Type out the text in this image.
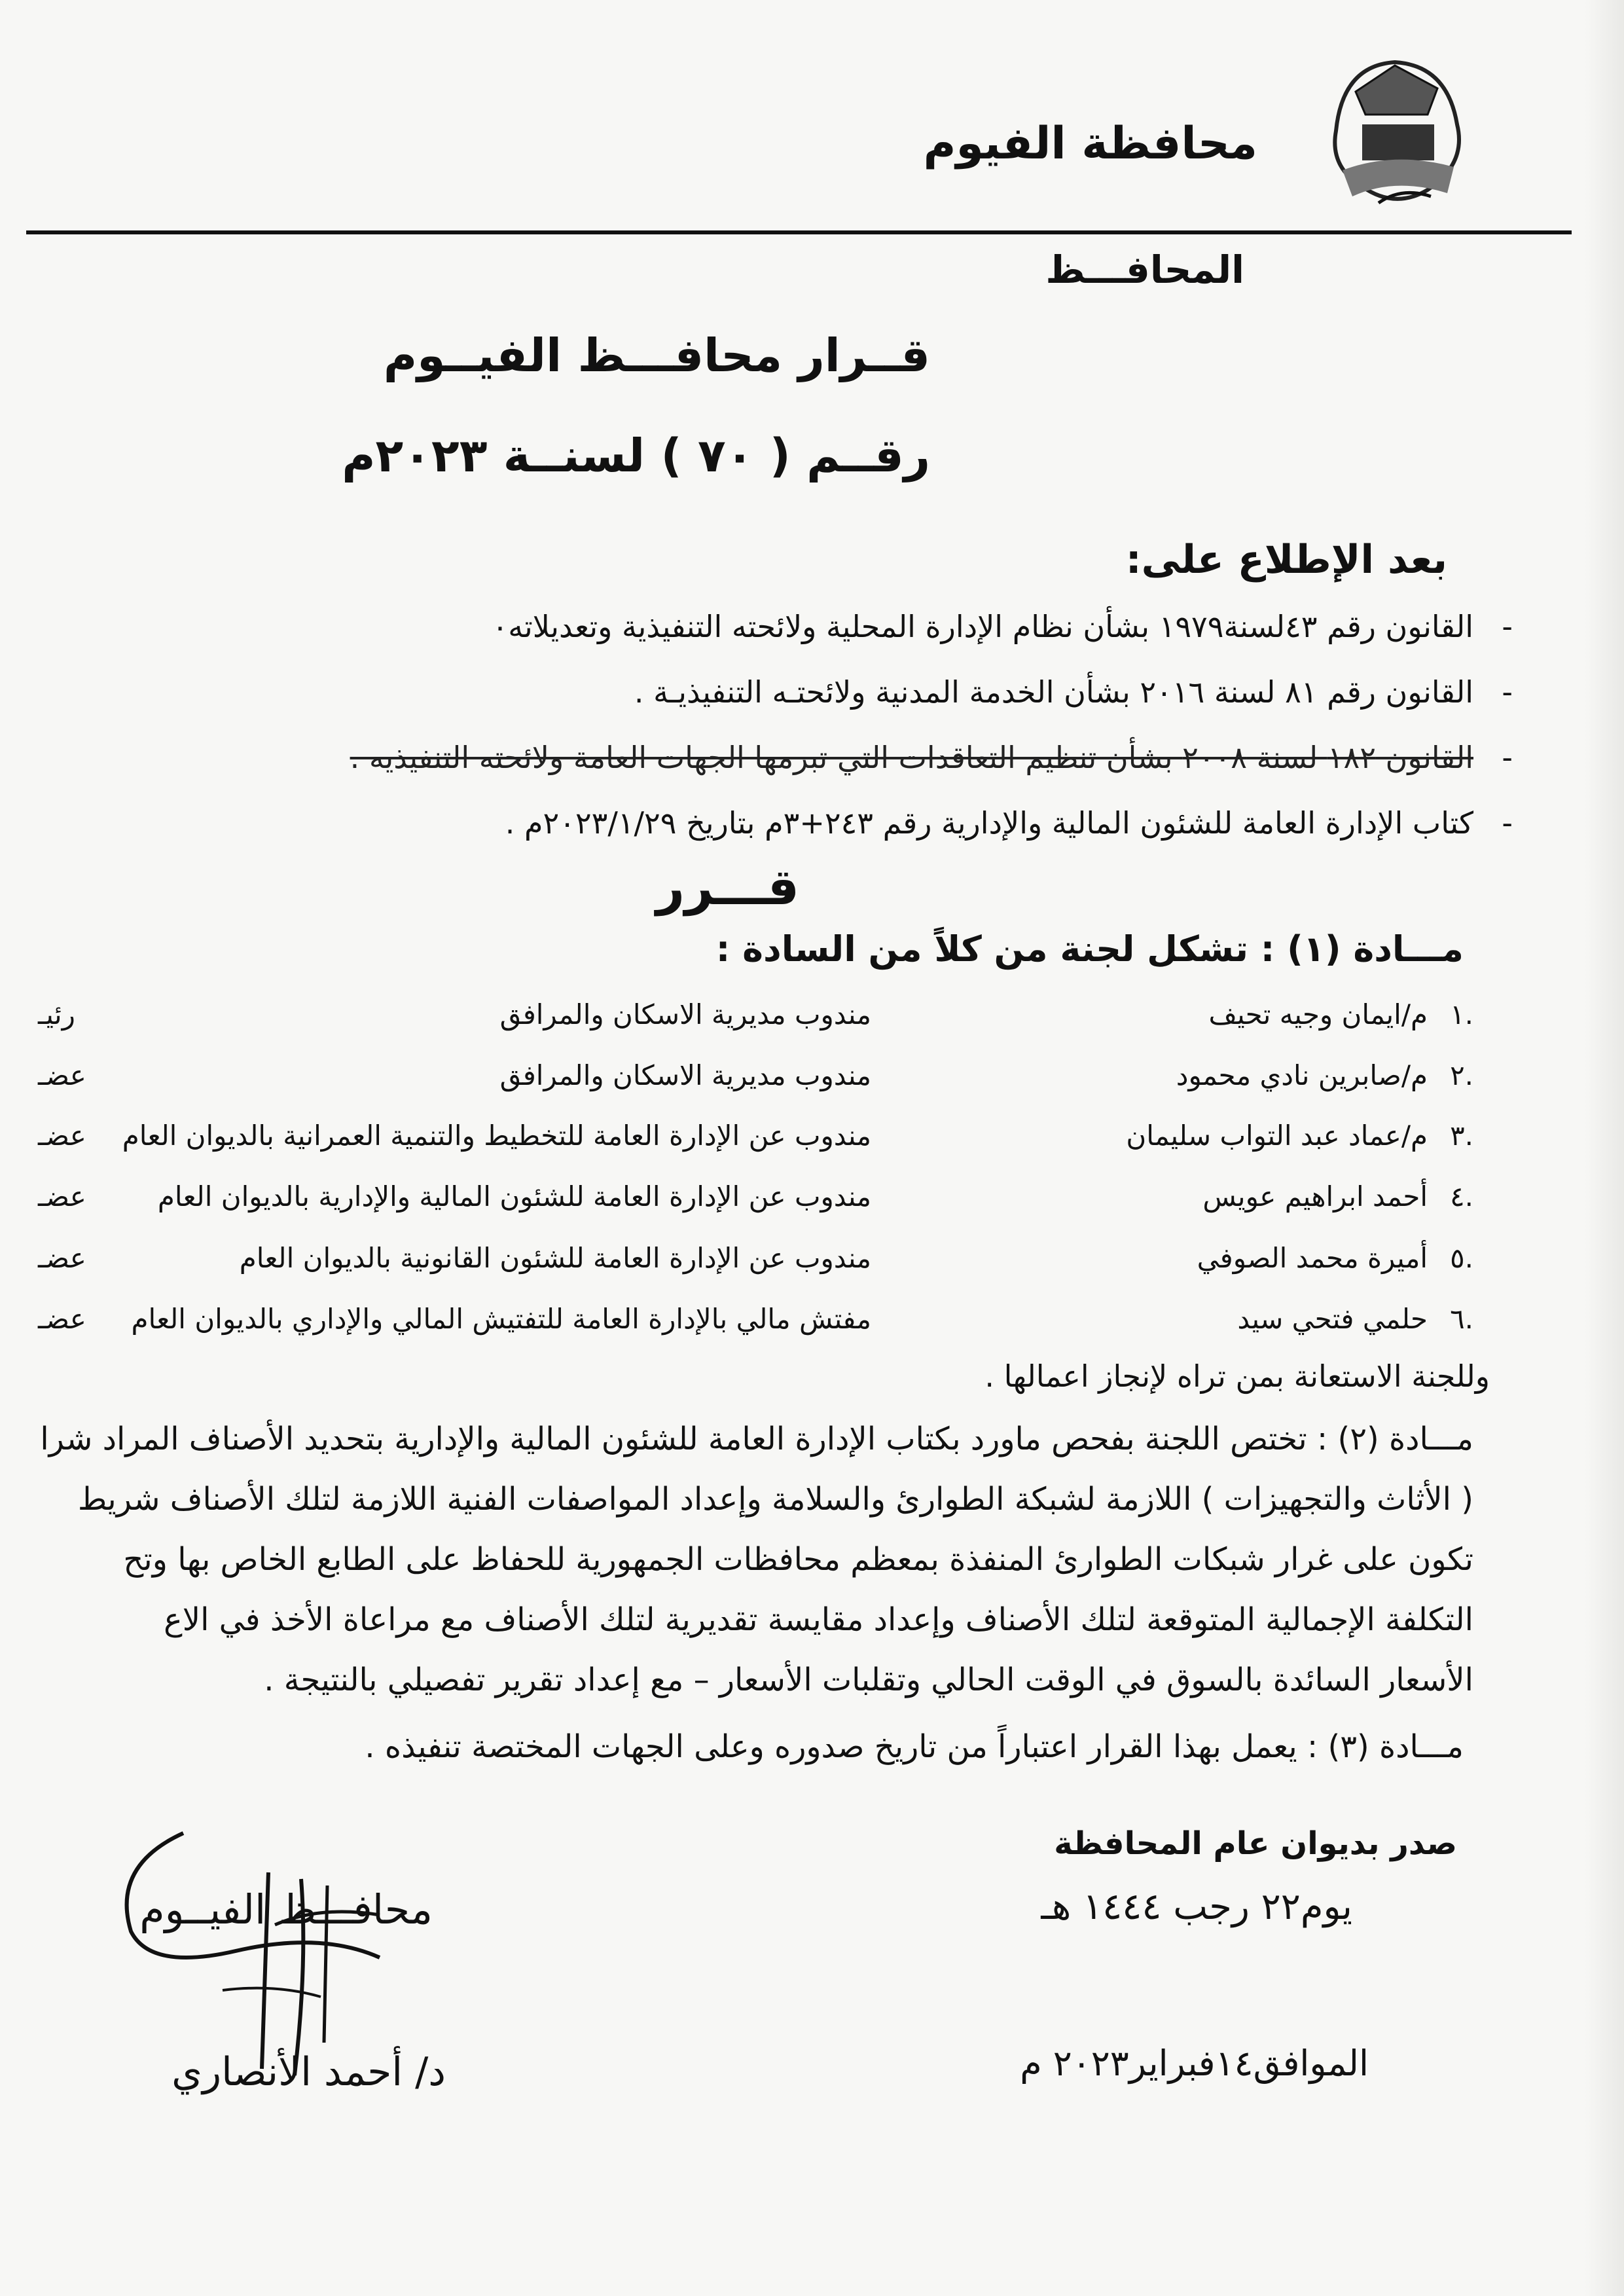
محافظة الفيوم
المحافـــظ
قــرار محافـــظ الفيــوم
رقــم ( ٧٠ ) لسنــة ٢٠٢٣م
بعد الإطلاع على:
-
القانون رقم ٤٣لسنة١٩٧٩ بشأن نظام الإدارة المحلية ولائحته التنفيذية وتعديلاته٠
-
القانون رقم ٨١ لسنة ٢٠١٦ بشأن الخدمة المدنية ولائحتـه التنفيذيـة .
-
القانون ١٨٢ لسنة ٢٠٠٨ بشأن تنظيم التعاقدات التي تبرمها الجهات العامة ولائحته التنفيذيه .
-
كتاب الإدارة العامة للشئون المالية والإدارية رقم ٢٤٣+٣م بتاريخ ٢٠٢٣/١/٢٩م .
قـــرر
مـــادة (١) : تشكل لجنة من كلاً من السادة :
.١
م/ايمان وجيه تحيف
مندوب مديرية الاسكان والمرافق
رئيـ
.٢
م/صابرين نادي محمود
مندوب مديرية الاسكان والمرافق
عضـ
.٣
م/عماد عبد التواب سليمان
مندوب عن الإدارة العامة للتخطيط والتنمية العمرانية بالديوان العام
عضـ
.٤
أحمد ابراهيم عويس
مندوب عن الإدارة العامة للشئون المالية والإدارية بالديوان العام
عضـ
.٥
أميرة محمد الصوفي
مندوب عن الإدارة العامة للشئون القانونية بالديوان العام
عضـ
.٦
حلمي فتحي سيد
مفتش مالي بالإدارة العامة للتفتيش المالي والإداري بالديوان العام
عضـ
وللجنة الاستعانة بمن تراه لإنجاز اعمالها .
مـــادة (٢) : تختص اللجنة بفحص ماورد بكتاب الإدارة العامة للشئون المالية والإدارية بتحديد الأصناف المراد شرا
( الأثاث والتجهيزات ) اللازمة لشبكة الطوارئ والسلامة وإعداد المواصفات الفنية اللازمة لتلك الأصناف شريط
تكون على غرار شبكات الطوارئ المنفذة بمعظم محافظات الجمهورية للحفاظ على الطابع الخاص بها وتح
التكلفة الإجمالية المتوقعة لتلك الأصناف وإعداد مقايسة تقديرية لتلك الأصناف مع مراعاة الأخذ في الاع
الأسعار السائدة بالسوق في الوقت الحالي وتقلبات الأسعار – مع إعداد تقرير تفصيلي بالنتيجة .
مـــادة (٣) : يعمل بهذا القرار اعتباراً من تاريخ صدوره وعلى الجهات المختصة تنفيذه .
صدر بديوان عام المحافظة
يوم٢٢ رجب ١٤٤٤ هـ
الموافق١٤فبراير٢٠٢٣ م
محافـــظ الفيــوم
د/ أحمد الأنصاري
